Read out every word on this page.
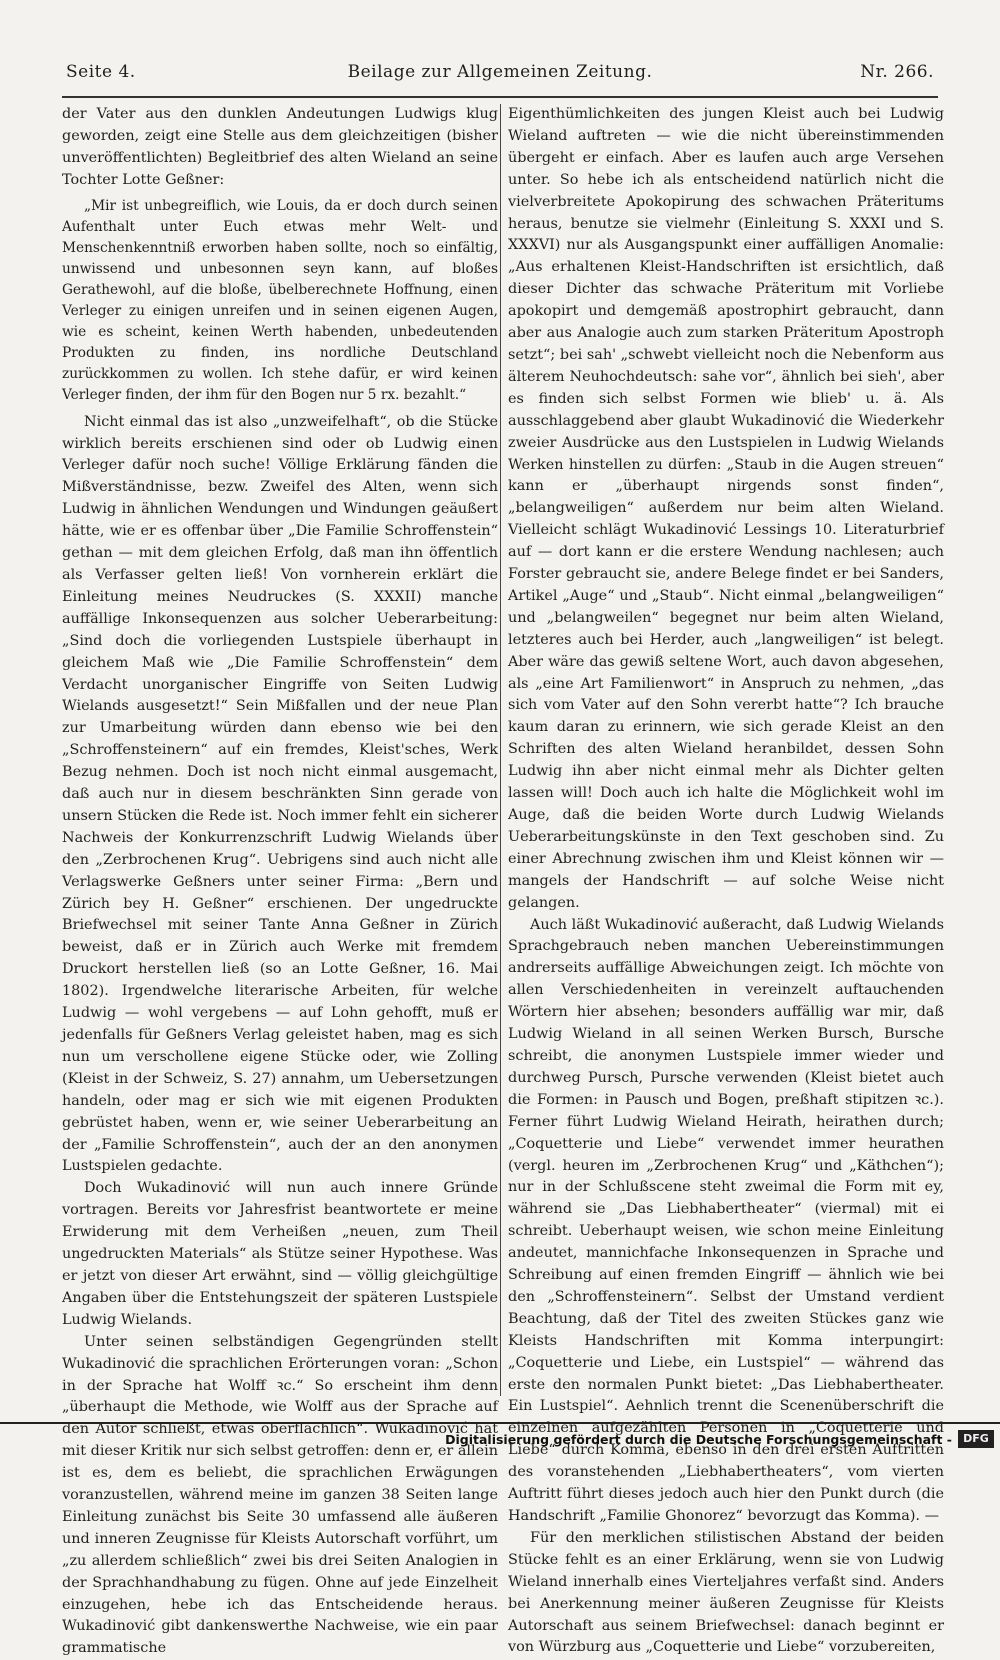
Seite 4.	Beilage zur Allgemeinen Zeitung.	Nr. 266.

der Vater aus den dunklen Andeutungen Ludwigs klug geworden, zeigt eine Stelle aus dem gleichzeitigen (bisher unveröffentlichten) Begleitbrief des alten Wieland an seine Tochter Lotte Geßner:

„Mir ist unbegreiflich, wie Louis, da er doch durch seinen Aufenthalt unter Euch etwas mehr Welt- und Menschenkenntniß erworben haben sollte, noch so einfältig, unwissend und unbesonnen seyn kann, auf bloßes Gerathewohl, auf die bloße, übelberechnete Hoffnung, einen Verleger zu einigen unreifen und in seinen eigenen Augen, wie es scheint, keinen Werth habenden, unbedeutenden Produkten zu finden, ins nordliche Deutschland zurückkommen zu wollen. Ich stehe dafür, er wird keinen Verleger finden, der ihm für den Bogen nur 5 rx. bezahlt.“

Nicht einmal das ist also „unzweifelhaft“, ob die Stücke wirklich bereits erschienen sind oder ob Ludwig einen Verleger dafür noch suche! Völlige Erklärung fänden die Mißverständnisse, bezw. Zweifel des Alten, wenn sich Ludwig in ähnlichen Wendungen und Windungen geäußert hätte, wie er es offenbar über „Die Familie Schroffenstein“ gethan — mit dem gleichen Erfolg, daß man ihn öffentlich als Verfasser gelten ließ! Von vornherein erklärt die Einleitung meines Neudruckes (S. XXXII) manche auffällige Inkonsequenzen aus solcher Ueberarbeitung: „Sind doch die vorliegenden Lustspiele überhaupt in gleichem Maß wie „Die Familie Schroffenstein“ dem Verdacht unorganischer Eingriffe von Seiten Ludwig Wielands ausgesetzt!“ Sein Mißfallen und der neue Plan zur Umarbeitung würden dann ebenso wie bei den „Schroffensteinern“ auf ein fremdes, Kleist'sches, Werk Bezug nehmen. Doch ist noch nicht einmal ausgemacht, daß auch nur in diesem beschränkten Sinn gerade von unsern Stücken die Rede ist. Noch immer fehlt ein sicherer Nachweis der Konkurrenzschrift Ludwig Wielands über den „Zerbrochenen Krug“. Uebrigens sind auch nicht alle Verlagswerke Geßners unter seiner Firma: „Bern und Zürich bey H. Geßner“ erschienen. Der ungedruckte Briefwechsel mit seiner Tante Anna Geßner in Zürich beweist, daß er in Zürich auch Werke mit fremdem Druckort herstellen ließ (so an Lotte Geßner, 16. Mai 1802). Irgendwelche literarische Arbeiten, für welche Ludwig — wohl vergebens — auf Lohn gehofft, muß er jedenfalls für Geßners Verlag geleistet haben, mag es sich nun um verschollene eigene Stücke oder, wie Zolling (Kleist in der Schweiz, S. 27) annahm, um Uebersetzungen handeln, oder mag er sich wie mit eigenen Produkten gebrüstet haben, wenn er, wie seiner Ueberarbeitung an der „Familie Schroffenstein“, auch der an den anonymen Lustspielen gedachte.

Doch Wukadinović will nun auch innere Gründe vortragen. Bereits vor Jahresfrist beantwortete er meine Erwiderung mit dem Verheißen „neuen, zum Theil ungedruckten Materials“ als Stütze seiner Hypothese. Was er jetzt von dieser Art erwähnt, sind — völlig gleichgültige Angaben über die Entstehungszeit der späteren Lustspiele Ludwig Wielands.

Unter seinen selbständigen Gegengründen stellt Wukadinović die sprachlichen Erörterungen voran: „Schon in der Sprache hat Wolff ꝛc.“ So erscheint ihm denn „überhaupt die Methode, wie Wolff aus der Sprache auf den Autor schließt, etwas oberflächlich“. Wukadinović hat mit dieser Kritik nur sich selbst getroffen: denn er, er allein ist es, dem es beliebt, die sprachlichen Erwägungen voranzustellen, während meine im ganzen 38 Seiten lange Einleitung zunächst bis Seite 30 umfassend alle äußeren und inneren Zeugnisse für Kleists Autorschaft vorführt, um „zu allerdem schließlich“ zwei bis drei Seiten Analogien in der Sprachhandhabung zu fügen. Ohne auf jede Einzelheit einzugehen, hebe ich das Entscheidende heraus. Wukadinović gibt dankenswerthe Nachweise, wie ein paar grammatische

Eigenthümlichkeiten des jungen Kleist auch bei Ludwig Wieland auftreten — wie die nicht übereinstimmenden übergeht er einfach. Aber es laufen auch arge Versehen unter. So hebe ich als entscheidend natürlich nicht die vielverbreitete Apokopirung des schwachen Präteritums heraus, benutze sie vielmehr (Einleitung S. XXXI und S. XXXVI) nur als Ausgangspunkt einer auffälligen Anomalie: „Aus erhaltenen Kleist-Handschriften ist ersichtlich, daß dieser Dichter das schwache Präteritum mit Vorliebe apokopirt und demgemäß apostrophirt gebraucht, dann aber aus Analogie auch zum starken Präteritum Apostroph setzt“; bei sah' „schwebt vielleicht noch die Nebenform aus älterem Neuhochdeutsch: sahe vor“, ähnlich bei sieh', aber es finden sich selbst Formen wie blieb' u. ä. Als ausschlaggebend aber glaubt Wukadinović die Wiederkehr zweier Ausdrücke aus den Lustspielen in Ludwig Wielands Werken hinstellen zu dürfen: „Staub in die Augen streuen“ kann er „überhaupt nirgends sonst finden“, „belangweiligen“ außerdem nur beim alten Wieland. Vielleicht schlägt Wukadinović Lessings 10. Literaturbrief auf — dort kann er die erstere Wendung nachlesen; auch Forster gebraucht sie, andere Belege findet er bei Sanders, Artikel „Auge“ und „Staub“. Nicht einmal „belangweiligen“ und „belangweilen“ begegnet nur beim alten Wieland, letzteres auch bei Herder, auch „langweiligen“ ist belegt. Aber wäre das gewiß seltene Wort, auch davon abgesehen, als „eine Art Familienwort“ in Anspruch zu nehmen, „das sich vom Vater auf den Sohn vererbt hatte“? Ich brauche kaum daran zu erinnern, wie sich gerade Kleist an den Schriften des alten Wieland heranbildet, dessen Sohn Ludwig ihn aber nicht einmal mehr als Dichter gelten lassen will! Doch auch ich halte die Möglichkeit wohl im Auge, daß die beiden Worte durch Ludwig Wielands Ueberarbeitungskünste in den Text geschoben sind. Zu einer Abrechnung zwischen ihm und Kleist können wir — mangels der Handschrift — auf solche Weise nicht gelangen.

Auch läßt Wukadinović außeracht, daß Ludwig Wielands Sprachgebrauch neben manchen Uebereinstimmungen andrerseits auffällige Abweichungen zeigt. Ich möchte von allen Verschiedenheiten in vereinzelt auftauchenden Wörtern hier absehen; besonders auffällig war mir, daß Ludwig Wieland in all seinen Werken Bursch, Bursche schreibt, die anonymen Lustspiele immer wieder und durchweg Pursch, Pursche verwenden (Kleist bietet auch die Formen: in Pausch und Bogen, preßhaft stipitzen ꝛc.). Ferner führt Ludwig Wieland Heirath, heirathen durch; „Coquetterie und Liebe“ verwendet immer heurathen (vergl. heuren im „Zerbrochenen Krug“ und „Käthchen“); nur in der Schlußscene steht zweimal die Form mit ey, während sie „Das Liebhabertheater“ (viermal) mit ei schreibt. Ueberhaupt weisen, wie schon meine Einleitung andeutet, mannichfache Inkonsequenzen in Sprache und Schreibung auf einen fremden Eingriff — ähnlich wie bei den „Schroffensteinern“. Selbst der Umstand verdient Beachtung, daß der Titel des zweiten Stückes ganz wie Kleists Handschriften mit Komma interpungirt: „Coquetterie und Liebe, ein Lustspiel“ — während das erste den normalen Punkt bietet: „Das Liebhabertheater. Ein Lustspiel“. Aehnlich trennt die Scenenüberschrift die einzelnen aufgezählten Personen in „Coquetterie und Liebe“ durch Komma, ebenso in den drei ersten Auftritten des voranstehenden „Liebhabertheaters“, vom vierten Auftritt führt dieses jedoch auch hier den Punkt durch (die Handschrift „Familie Ghonorez“ bevorzugt das Komma). —

Für den merklichen stilistischen Abstand der beiden Stücke fehlt es an einer Erklärung, wenn sie von Ludwig Wieland innerhalb eines Vierteljahres verfaßt sind. Anders bei Anerkennung meiner äußeren Zeugnisse für Kleists Autorschaft aus seinem Briefwechsel: danach beginnt er von Würzburg aus „Coquetterie und Liebe“ vorzubereiten,

Digitalisierung gefördert durch die Deutsche Forschungsgemeinschaft -	DFG
